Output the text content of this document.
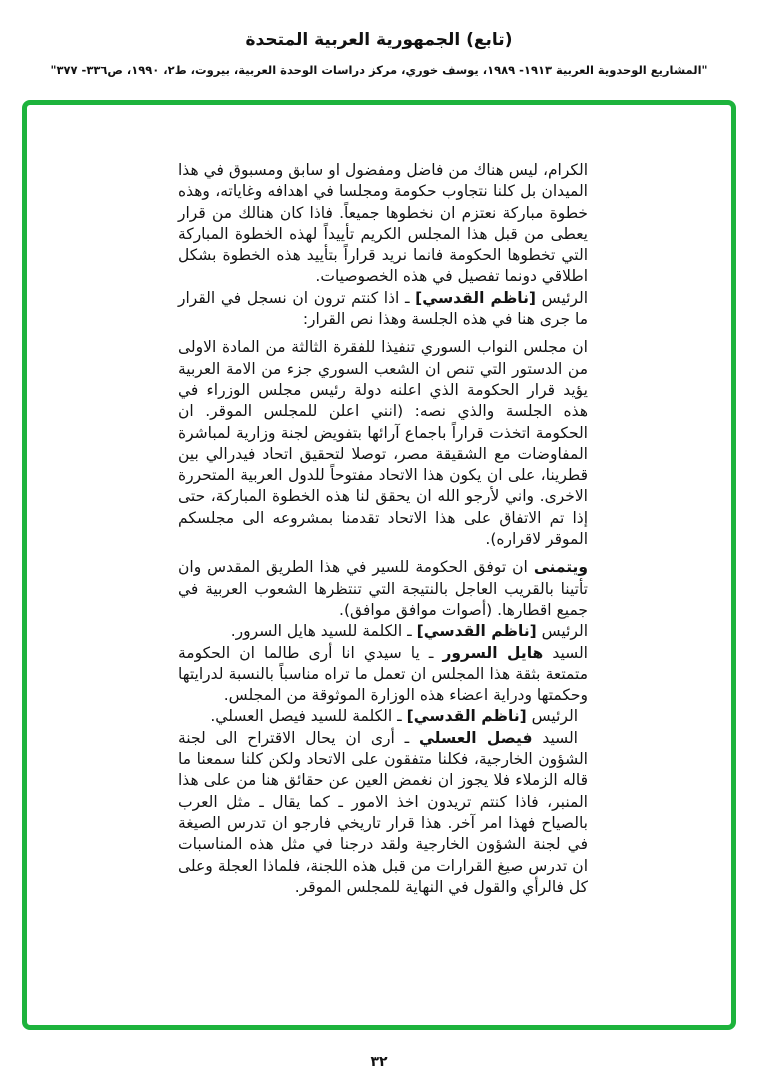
(تابع) الجمهورية العربية المتحدة
"المشاريع الوحدوية العربية ١٩١٣- ١٩٨٩، يوسف خوري، مركز دراسات الوحدة العربية، بيروت، ط٢، ١٩٩٠، ص٣٣٦- ٣٧٧"

الكرام، ليس هناك من فاضل ومفضول او سابق ومسبوق في هذا الميدان بل كلنا نتجاوب حكومة ومجلسا في اهدافه وغاياته، وهذه خطوة مباركة نعتزم ان نخطوها جميعاً. فاذا كان هنالك من قرار يعطى من قبل هذا المجلس الكريم تأييداً لهذه الخطوة المباركة التي تخطوها الحكومة فانما نريد قراراً بتأييد هذه الخطوة بشكل اطلاقي دونما تفصيل في هذه الخصوصيات.

الرئيس [ناظم القدسي] ـ اذا كنتم ترون ان نسجل في القرار ما جرى هنا في هذه الجلسة وهذا نص القرار:

ان مجلس النواب السوري تنفيذا للفقرة الثالثة من المادة الاولى من الدستور التي تنص ان الشعب السوري جزء من الامة العربية يؤيد قرار الحكومة الذي اعلنه دولة رئيس مجلس الوزراء في هذه الجلسة والذي نصه: (انني اعلن للمجلس الموقر. ان الحكومة اتخذت قراراً باجماع آرائها بتفويض لجنة وزارية لمباشرة المفاوضات مع الشقيقة مصر، توصلا لتحقيق اتحاد فيدرالي بين قطرينا، على ان يكون هذا الاتحاد مفتوحاً للدول العربية المتحررة الاخرى. واني لأرجو الله ان يحقق لنا هذه الخطوة المباركة، حتى إذا تم الاتفاق على هذا الاتحاد تقدمنا بمشروعه الى مجلسكم الموقر لاقراره).

ويتمنى ان توفق الحكومة للسير في هذا الطريق المقدس وان تأتينا بالقريب العاجل بالنتيجة التي تنتظرها الشعوب العربية في جميع اقطارها. (أصوات موافق موافق).

الرئيس [ناظم القدسي] ـ الكلمة للسيد هايل السرور.

السيد هايل السرور ـ يا سيدي انا أرى طالما ان الحكومة متمتعة بثقة هذا المجلس ان تعمل ما تراه مناسباً بالنسبة لدرايتها وحكمتها ودراية اعضاء هذه الوزارة الموثوقة من المجلس.

الرئيس [ناظم القدسي] ـ الكلمة للسيد فيصل العسلي.

السيد فيصل العسلي ـ أرى ان يحال الاقتراح الى لجنة الشؤون الخارجية، فكلنا متفقون على الاتحاد ولكن كلنا سمعنا ما قاله الزملاء فلا يجوز ان نغمض العين عن حقائق هنا من على هذا المنبر، فاذا كنتم تريدون اخذ الامور ـ كما يقال ـ مثل العرب بالصياح فهذا امر آخر. هذا قرار تاريخي فارجو ان تدرس الصيغة في لجنة الشؤون الخارجية ولقد درجنا في مثل هذه المناسبات ان تدرس صيغ القرارات من قبل هذه اللجنة، فلماذا العجلة وعلى كل فالرأي والقول في النهاية للمجلس الموقر.

٣٢
